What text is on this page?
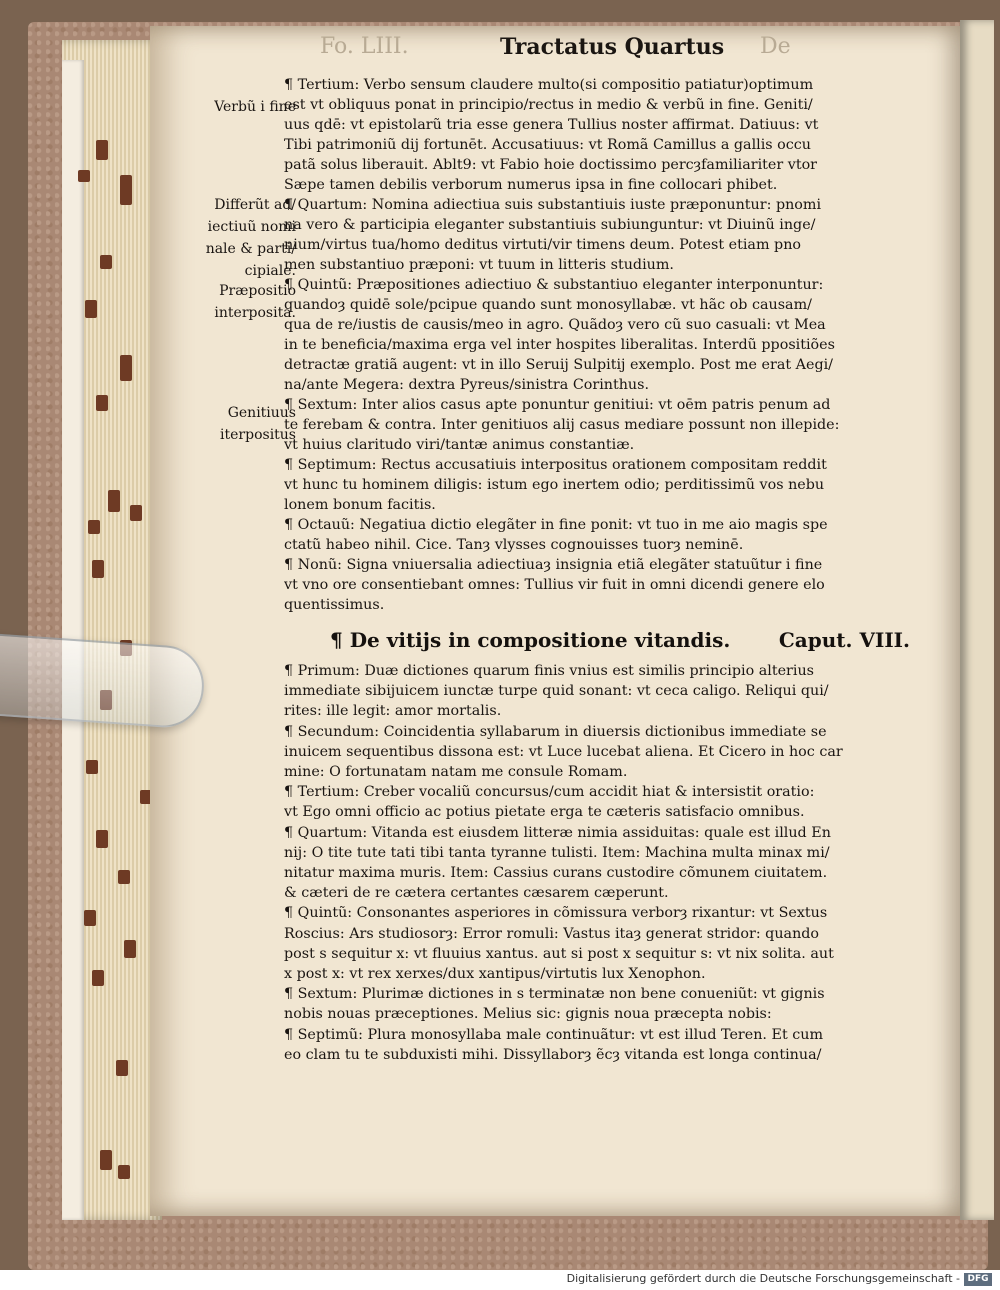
Fo. LIII.	Tractatus Quartus De
Verbũ i fine
Differũt ad/
iectiuũ nomi
nale & parti/
cipiale.
Præpositio
interposita.
Genitiuus
iterpositus
¶ Tertium: Verbo sensum claudere multo(si compositio patiatur)optimum
est vt obliquus ponat in principio/rectus in medio & verbũ in fine. Geniti/
uus qdē: vt epistolarũ tria esse genera Tullius noster affirmat. Datiuus: vt
Tibi patrimoniũ dij fortunēt. Accusatiuus: vt Romã Camillus a gallis occu
patã solus liberauit. Ablt9: vt Fabio hoie doctissimo percȝfamiliariter vtor
Sæpe tamen debilis verborum numerus ipsa in fine collocari phibet.
¶ Quartum: Nomina adiectiua suis substantiuis iuste præponuntur: pnomi
na vero & participia eleganter substantiuis subiunguntur: vt Diuinũ inge/
nium/virtus tua/homo deditus virtuti/vir timens deum. Potest etiam pno
men substantiuo præponi: vt tuum in litteris studium.
¶ Quintũ: Præpositiones adiectiuo & substantiuo eleganter interponuntur:
quandoȝ quidē sole/pcipue quando sunt monosyllabæ. vt hãc ob causam/
qua de re/iustis de causis/meo in agro. Quãdoȝ vero cũ suo casuali: vt Mea
in te beneficia/maxima erga vel inter hospites liberalitas. Interdũ ppositiões
detractæ gratiã augent: vt in illo Seruij Sulpitij exemplo. Post me erat Aegi/
na/ante Megera: dextra Pyreus/sinistra Corinthus.
¶ Sextum: Inter alios casus apte ponuntur genitiui: vt oēm patris penum ad
te ferebam & contra. Inter genitiuos alij casus mediare possunt non illepide:
vt huius claritudo viri/tantæ animus constantiæ.
¶ Septimum: Rectus accusatiuis interpositus orationem compositam reddit
vt hunc tu hominem diligis: istum ego inertem odio; perditissimũ vos nebu
lonem bonum facitis.
¶ Octauũ: Negatiua dictio elegãter in fine ponit: vt tuo in me aio magis spe
ctatũ habeo nihil. Cice. Tanȝ vlysses cognouisses tuorȝ neminē.
¶ Nonũ: Signa vniuersalia adiectiuaȝ insignia etiã elegãter statuũtur i fine
vt vno ore consentiebant omnes: Tullius vir fuit in omni dicendi genere elo
quentissimus.
¶ Primum: Duæ dictiones quarum finis vnius est similis principio alterius
immediate sibijuicem iunctæ turpe quid sonant: vt ceca caligo. Reliqui qui/
rites: ille legit: amor mortalis.
¶ Secundum: Coincidentia syllabarum in diuersis dictionibus immediate se
inuicem sequentibus dissona est: vt Luce lucebat aliena. Et Cicero in hoc car
mine: O fortunatam natam me consule Romam.
¶ Tertium: Creber vocaliũ concursus/cum accidit hiat & intersistit oratio:
vt Ego omni officio ac potius pietate erga te cæteris satisfacio omnibus.
¶ Quartum: Vitanda est eiusdem litteræ nimia assiduitas: quale est illud En
nij: O tite tute tati tibi tanta tyranne tulisti. Item: Machina multa minax mi/
nitatur maxima muris. Item: Cassius curans custodire cõmunem ciuitatem.
& cæteri de re cætera certantes cæsarem cæperunt.
¶ Quintũ: Consonantes asperiores in cõmissura verborȝ rixantur: vt Sextus
Roscius: Ars studiosorȝ: Error romuli: Vastus itaȝ generat stridor: quando
post s sequitur x: vt fluuius xantus. aut si post x sequitur s: vt nix solita. aut
x post x: vt rex xerxes/dux xantipus/virtutis lux Xenophon.
¶ Sextum: Plurimæ dictiones in s terminatæ non bene conueniũt: vt gignis
nobis nouas præceptiones. Melius sic: gignis noua præcepta nobis:
¶ Septimũ: Plura monosyllaba male continuãtur: vt est illud Teren. Et cum
eo clam tu te subduxisti mihi. Dissyllaborȝ ẽcȝ vitanda est longa continua/
¶ De vitijs in compositione vitandis. Caput. VIII.
Digitalisierung gefördert durch die Deutsche Forschungsgemeinschaft - DFG
